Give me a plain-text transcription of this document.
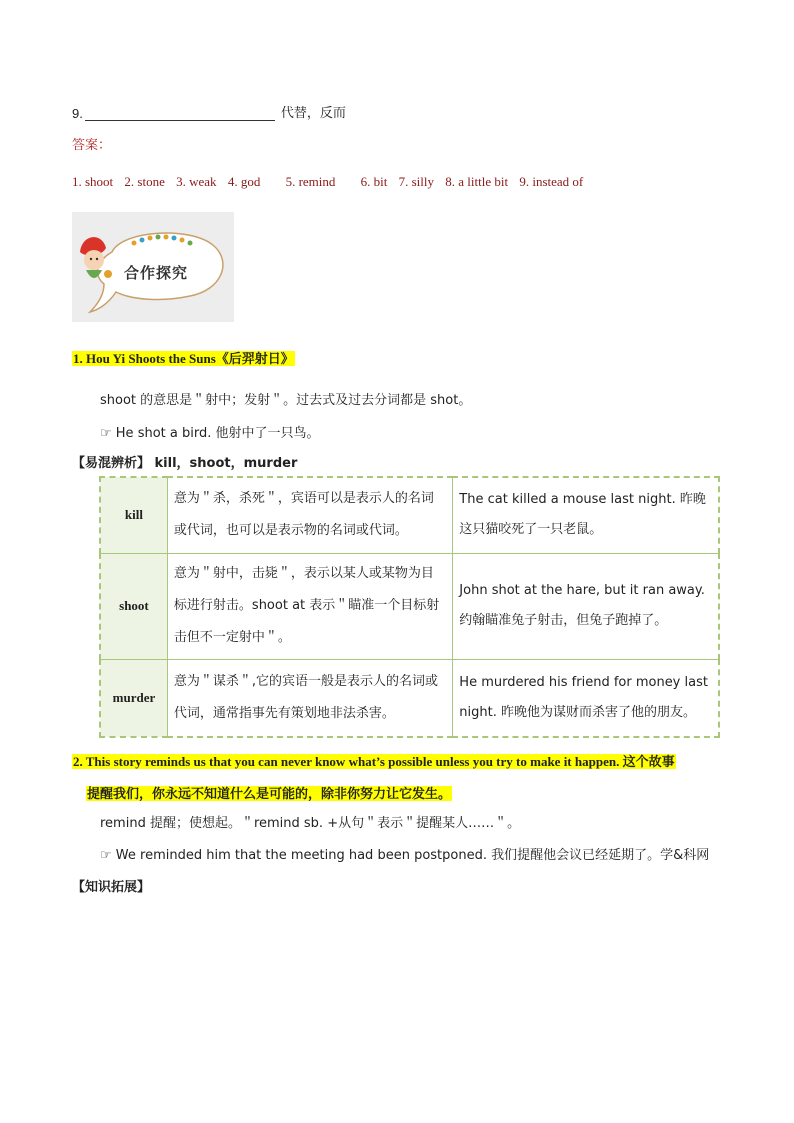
9.	代替，反而
答案：
1. shoot 2. stone 3. weak 4. god 5. remind 6. bit 7. silly 8. a little bit 9. instead of
合作探究
1. Hou Yi Shoots the Suns《后羿射日》
shoot 的意思是＂射中；发射＂。过去式及过去分词都是 shot。
☞ He shot a bird. 他射中了一只鸟。
【易混辨析】 kill，shoot，murder
kill	意为＂杀，杀死＂，宾语可以是表示人的名词或代词，也可以是表示物的名词或代词。	The cat killed a mouse last night. 昨晚这只猫咬死了一只老鼠。
shoot	意为＂射中，击毙＂，表示以某人或某物为目标进行射击。shoot at 表示＂瞄准一个目标射击但不一定射中＂。	John shot at the hare, but it ran away. 约翰瞄准兔子射击，但兔子跑掉了。
murder	意为＂谋杀＂,它的宾语一般是表示人的名词或代词，通常指事先有策划地非法杀害。	He murdered his friend for money last night. 昨晚他为谋财而杀害了他的朋友。
2. This story reminds us that you can never know what’s possible unless you try to make it happen. 这个故事
提醒我们，你永远不知道什么是可能的，除非你努力让它发生。
remind 提醒；使想起。＂remind sb. +从句＂表示＂提醒某人……＂。
☞ We reminded him that the meeting had been postponed. 我们提醒他会议已经延期了。学&科网
【知识拓展】
